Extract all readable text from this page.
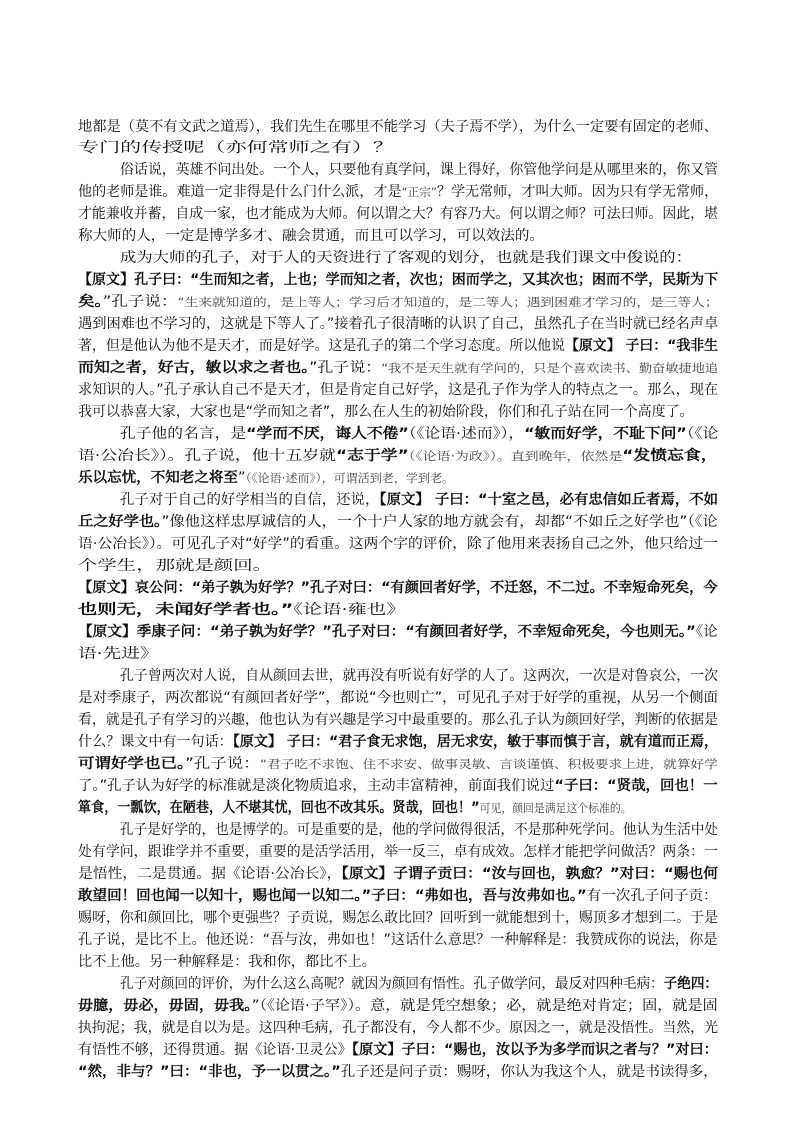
地都是（莫不有文武之道焉），我们先生在哪里不能学习（夫子焉不学），为什么一定要有固定的老师、
专门的传授呢（亦何常师之有）？
俗话说，英雄不问出处。一个人，只要他有真学问，课上得好，你管他学问是从哪里来的，你又管
他的老师是谁。难道一定非得是什么门什么派，才是“正宗”？学无常师，才叫大师。因为只有学无常师，
才能兼收并蓄，自成一家，也才能成为大师。何以谓之大？有容乃大。何以谓之师？可法曰师。因此，堪
称大师的人，一定是博学多才、融会贯通，而且可以学习，可以效法的。
成为大师的孔子，对于人的天资进行了客观的划分，也就是我们课文中俊说的：
【原文】孔子曰：“生而知之者，上也；学而知之者，次也；困而学之，又其次也；困而不学，民斯为下
矣。”孔子说：“生来就知道的，是上等人；学习后才知道的，是二等人；遇到困难才学习的，是三等人；
遇到困难也不学习的，这就是下等人了。”接着孔子很清晰的认识了自己，虽然孔子在当时就已经名声卓
著，但是他认为他不是天才，而是好学。这是孔子的第二个学习态度。所以他说【原文】 子曰：“我非生
而知之者，好古，敏以求之者也。”孔子说：“我不是天生就有学问的，只是个喜欢读书、勤奋敏捷地追
求知识的人。”孔子承认自己不是天才，但是肯定自己好学，这是孔子作为学人的特点之一。那么，现在
我可以恭喜大家，大家也是“学而知之者”，那么在人生的初始阶段，你们和孔子站在同一个高度了。
孔子他的名言，是“学而不厌，诲人不倦”（《论语·述而》），“敏而好学，不耻下问”（《论
语·公冶长》）。孔子说，他十五岁就“志于学”（《论语·为政》）。直到晚年，依然是“发愤忘食，
乐以忘忧，不知老之将至”（《论语·述而》），可谓活到老，学到老。
孔子对于自己的好学相当的自信，还说，【原文】 子曰：“十室之邑，必有忠信如丘者焉，不如
丘之好学也。”像他这样忠厚诚信的人，一个十户人家的地方就会有，却都“不如丘之好学也”（《论
语·公冶长》）。可见孔子对“好学”的看重。这两个字的评价，除了他用来表扬自己之外，他只给过一
个学生，那就是颜回。
【原文】哀公问：“弟子孰为好学？”孔子对曰：“有颜回者好学，不迁怒，不二过。不幸短命死矣，今
也则无，未闻好学者也。”《论语·雍也》
【原文】季康子问：“弟子孰为好学？”孔子对曰：“有颜回者好学，不幸短命死矣，今也则无。”《论
语·先进》
孔子曾两次对人说，自从颜回去世，就再没有听说有好学的人了。这两次，一次是对鲁哀公，一次
是对季康子，两次都说“有颜回者好学”，都说“今也则亡”，可见孔子对于好学的重视，从另一个侧面
看，就是孔子有学习的兴趣，他也认为有兴趣是学习中最重要的。那么孔子认为颜回好学，判断的依据是
什么？课文中有一句话：【原文】 子曰：“君子食无求饱，居无求安，敏于事而慎于言，就有道而正焉，
可谓好学也已。”孔子说：“君子吃不求饱、住不求安、做事灵敏、言谈谨慎、积极要求上进，就算好学
了。”孔子认为好学的标准就是淡化物质追求，主动丰富精神，前面我们说过“子曰：“贤哉，回也！一
箪食，一瓢饮，在陋巷，人不堪其忧，回也不改其乐。贤哉，回也！”可见，颜回是满足这个标准的。
孔子是好学的，也是博学的。可是重要的是，他的学问做得很活，不是那种死学问。他认为生活中处
处有学问，跟谁学并不重要，重要的是活学活用，举一反三，卓有成效。怎样才能把学问做活？两条：一
是悟性，二是贯通。据《论语·公冶长》，【原文】子谓子贡曰：“汝与回也，孰愈？”对曰：“赐也何
敢望回！回也闻一以知十，赐也闻一以知二。”子曰：“弗如也，吾与汝弗如也。”有一次孔子问子贡：
赐呀，你和颜回比，哪个更强些？子贡说，赐怎么敢比回？回听到一就能想到十，赐顶多才想到二。于是
孔子说，是比不上。他还说：“吾与汝，弗如也！”这话什么意思？一种解释是：我赞成你的说法，你是
比不上他。另一种解释是：我和你，都比不上。
孔子对颜回的评价，为什么这么高呢？就因为颜回有悟性。孔子做学问，最反对四种毛病：子绝四：
毋臆，毋必，毋固，毋我。”（《论语·子罕》）。意，就是凭空想象；必，就是绝对肯定；固，就是固
执拘泥；我，就是自以为是。这四种毛病，孔子都没有，今人都不少。原因之一，就是没悟性。当然，光
有悟性不够，还得贯通。据《论语·卫灵公》【原文】子曰：“赐也，汝以予为多学而识之者与？”对曰：
“然，非与？”曰：“非也，予一以贯之。”孔子还是问子贡：赐呀，你认为我这个人，就是书读得多，
